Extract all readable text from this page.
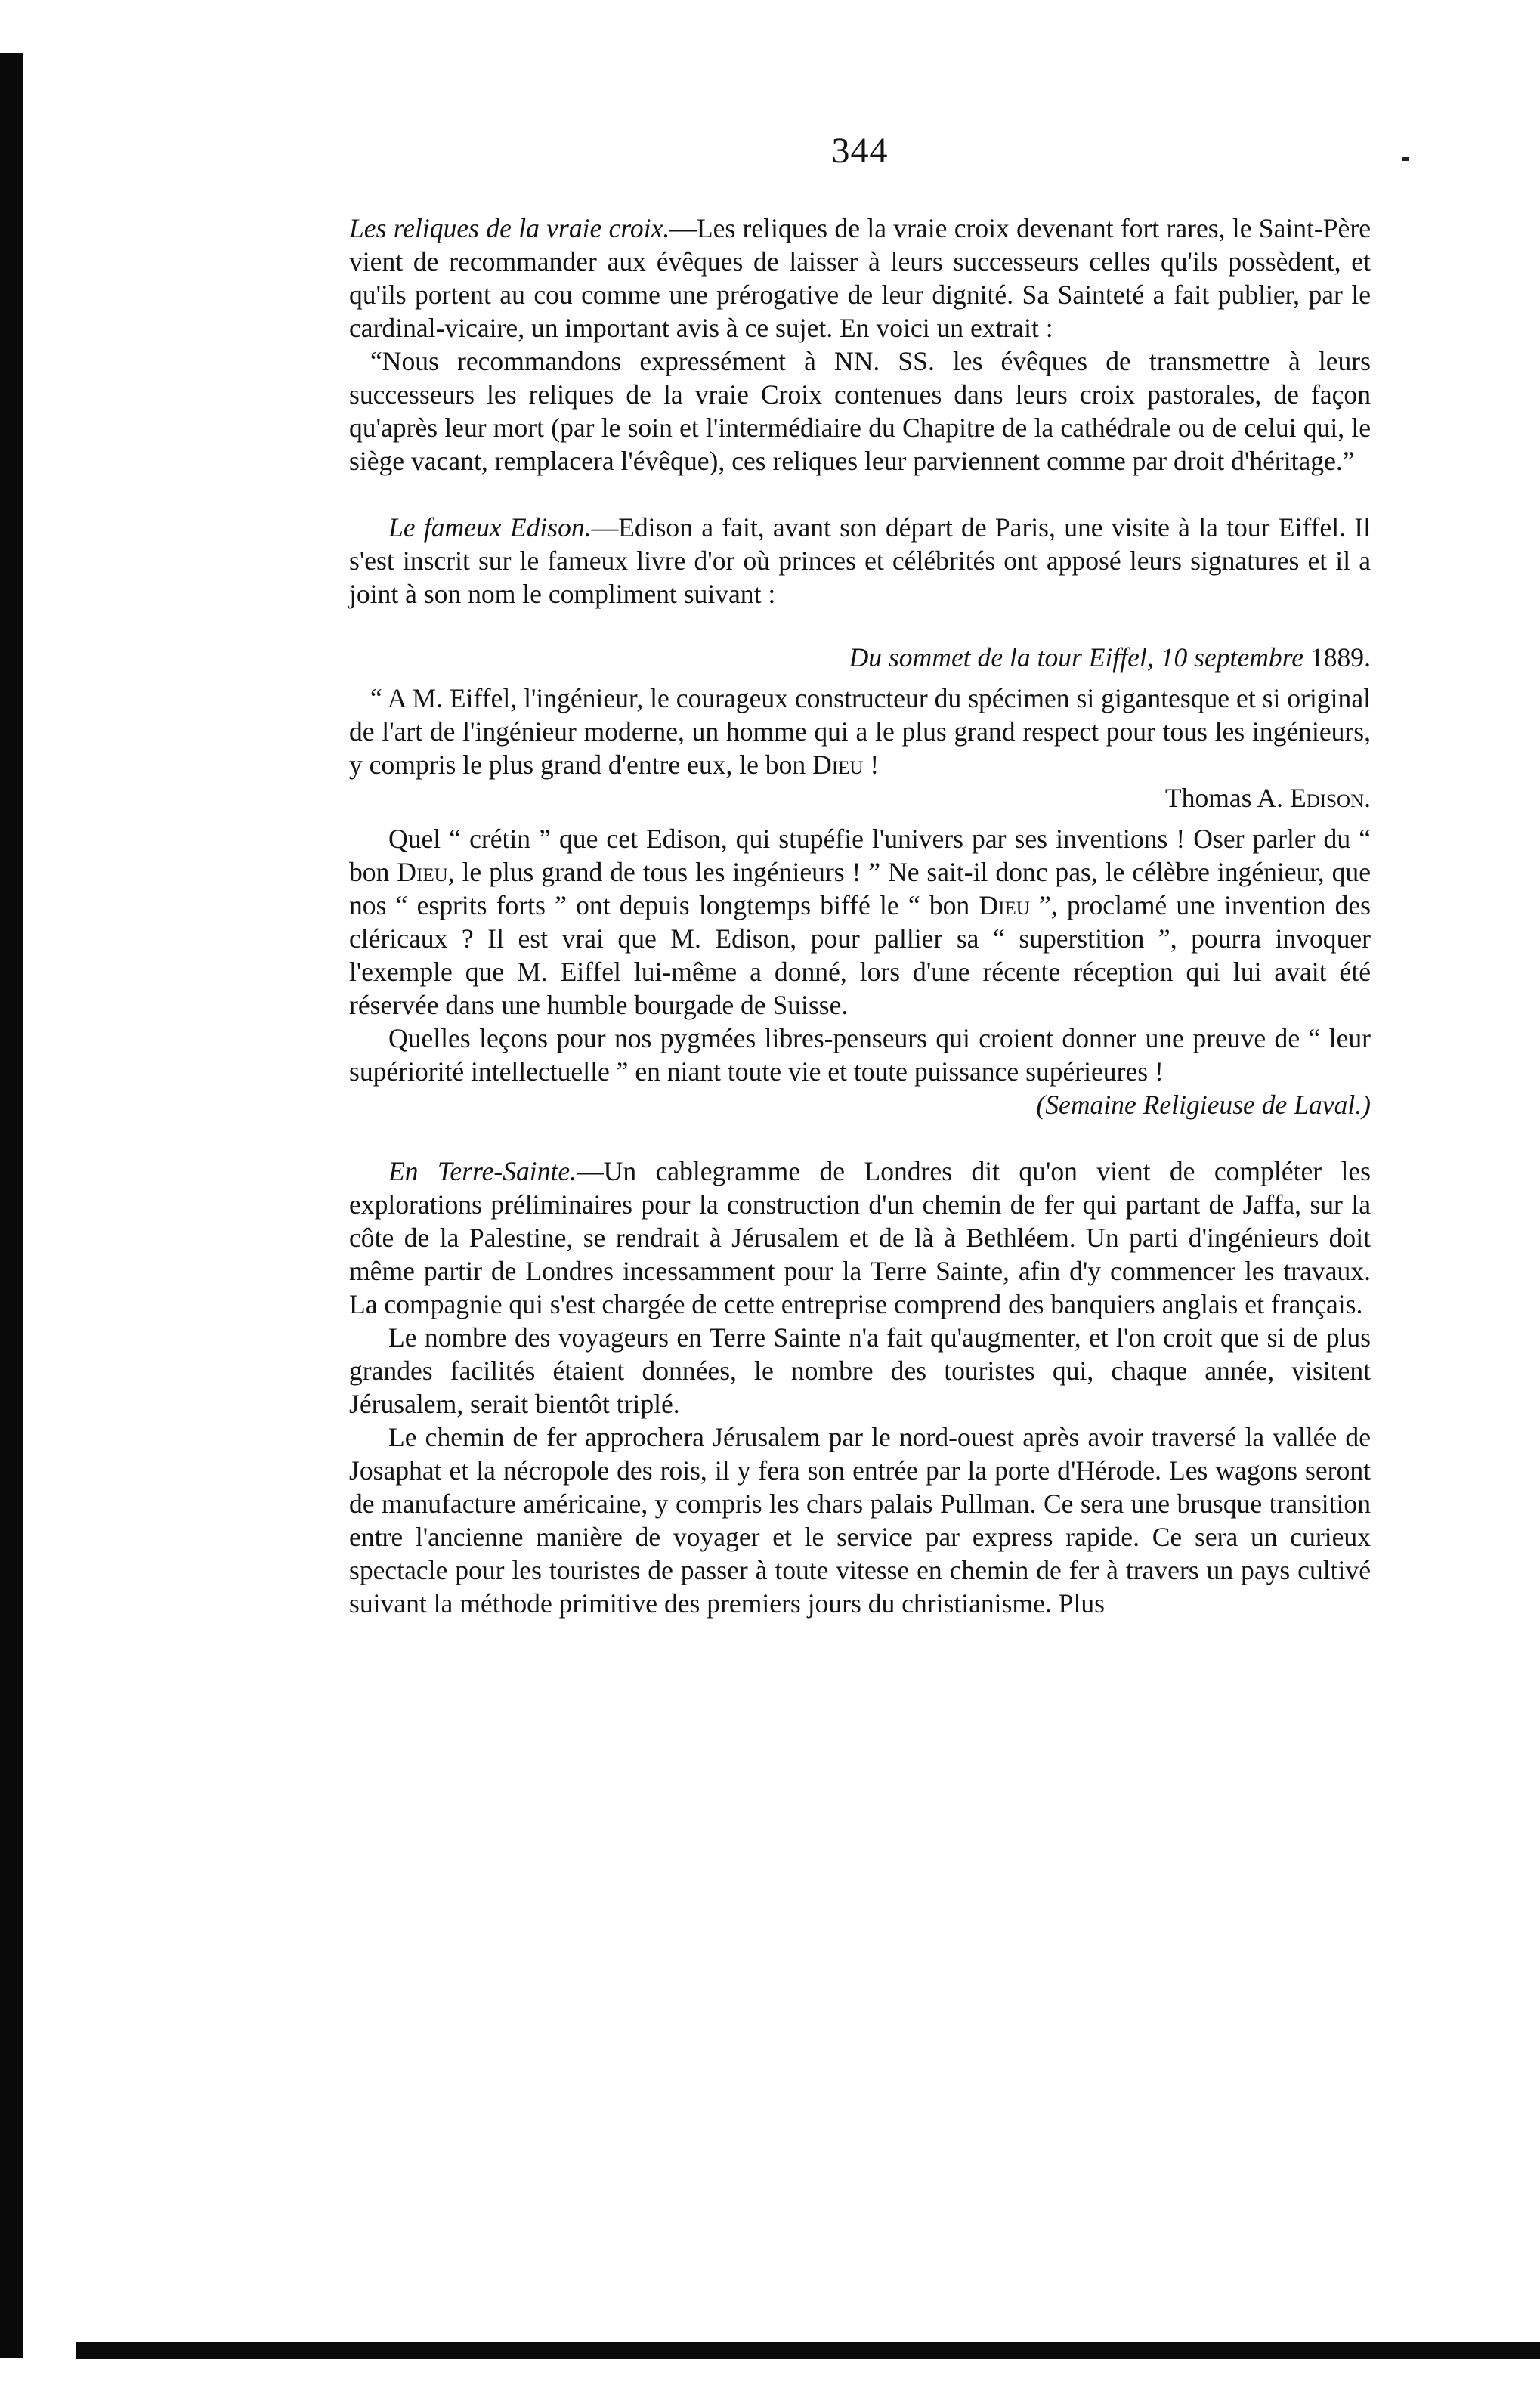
344

Les reliques de la vraie croix.—Les reliques de la vraie croix devenant fort rares, le Saint-Père vient de recommander aux évêques de laisser à leurs successeurs celles qu'ils possèdent, et qu'ils portent au cou comme une prérogative de leur dignité. Sa Sainteté a fait publier, par le cardinal-vicaire, un important avis à ce sujet. En voici un extrait :

“Nous recommandons expressément à NN. SS. les évêques de transmettre à leurs successeurs les reliques de la vraie Croix contenues dans leurs croix pastorales, de façon qu'après leur mort (par le soin et l'intermédiaire du Chapitre de la cathédrale ou de celui qui, le siège vacant, remplacera l'évêque), ces reliques leur parviennent comme par droit d'héritage.”

Le fameux Edison.—Edison a fait, avant son départ de Paris, une visite à la tour Eiffel. Il s'est inscrit sur le fameux livre d'or où princes et célébrités ont apposé leurs signatures et il a joint à son nom le compliment suivant :

Du sommet de la tour Eiffel, 10 septembre 1889.

“ A M. Eiffel, l'ingénieur, le courageux constructeur du spécimen si gigantesque et si original de l'art de l'ingénieur moderne, un homme qui a le plus grand respect pour tous les ingénieurs, y compris le plus grand d'entre eux, le bon Dieu !

Thomas A. Edison.

Quel “ crétin ” que cet Edison, qui stupéfie l'univers par ses inventions ! Oser parler du “ bon Dieu, le plus grand de tous les ingénieurs ! ” Ne sait-il donc pas, le célèbre ingénieur, que nos “ esprits forts ” ont depuis longtemps biffé le “ bon Dieu ”, proclamé une invention des cléricaux ? Il est vrai que M. Edison, pour pallier sa “ superstition ”, pourra invoquer l'exemple que M. Eiffel lui-même a donné, lors d'une récente réception qui lui avait été réservée dans une humble bourgade de Suisse.

Quelles leçons pour nos pygmées libres-penseurs qui croient donner une preuve de “ leur supériorité intellectuelle ” en niant toute vie et toute puissance supérieures !

(Semaine Religieuse de Laval.)

En Terre-Sainte.—Un cablegramme de Londres dit qu'on vient de compléter les explorations préliminaires pour la construction d'un chemin de fer qui partant de Jaffa, sur la côte de la Palestine, se rendrait à Jérusalem et de là à Bethléem. Un parti d'ingénieurs doit même partir de Londres incessamment pour la Terre Sainte, afin d'y commencer les travaux. La compagnie qui s'est chargée de cette entreprise comprend des banquiers anglais et français.

Le nombre des voyageurs en Terre Sainte n'a fait qu'augmenter, et l'on croit que si de plus grandes facilités étaient données, le nombre des touristes qui, chaque année, visitent Jérusalem, serait bientôt triplé.

Le chemin de fer approchera Jérusalem par le nord-ouest après avoir traversé la vallée de Josaphat et la nécropole des rois, il y fera son entrée par la porte d'Hérode. Les wagons seront de manufacture américaine, y compris les chars palais Pullman. Ce sera une brusque transition entre l'ancienne manière de voyager et le service par express rapide. Ce sera un curieux spectacle pour les touristes de passer à toute vitesse en chemin de fer à travers un pays cultivé suivant la méthode primitive des premiers jours du christianisme. Plus
